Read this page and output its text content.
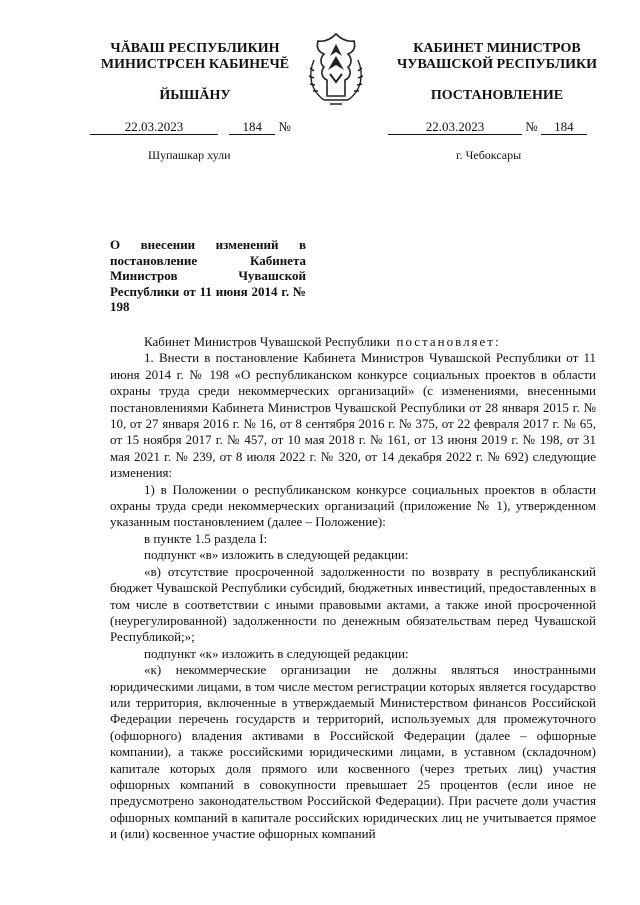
ЧĂВАШ РЕСПУБЛИКИН
МИНИСТРСЕН КАБИНЕЧĔ
ЙЫШĂНУ
КАБИНЕТ МИНИСТРОВ
ЧУВАШСКОЙ РЕСПУБЛИКИ
ПОСТАНОВЛЕНИЕ
22.03.2023	184 №	22.03.2023	№ 184
Шупашкар хули	г. Чебоксары
О внесении изменений в постановление Кабинета Министров Чувашской Республики от 11 июня 2014 г. № 198

Кабинет Министров Чувашской Республики постановляет:

1. Внести в постановление Кабинета Министров Чувашской Республики от 11 июня 2014 г. № 198 «О республиканском конкурсе социальных проектов в области охраны труда среди некоммерческих организаций» (с изменениями, внесенными постановлениями Кабинета Министров Чувашской Республики от 28 января 2015 г. № 10, от 27 января 2016 г. № 16, от 8 сентября 2016 г. № 375, от 22 февраля 2017 г. № 65, от 15 ноября 2017 г. № 457, от 10 мая 2018 г. № 161, от 13 июня 2019 г. № 198, от 31 мая 2021 г. № 239, от 8 июля 2022 г. № 320, от 14 декабря 2022 г. № 692) следующие изменения:

1) в Положении о республиканском конкурсе социальных проектов в области охраны труда среди некоммерческих организаций (приложение № 1), утвержденном указанным постановлением (далее – Положение):

в пункте 1.5 раздела I:

подпункт «в» изложить в следующей редакции:

«в) отсутствие просроченной задолженности по возврату в республиканский бюджет Чувашской Республики субсидий, бюджетных инвестиций, предоставленных в том числе в соответствии с иными правовыми актами, а также иной просроченной (неурегулированной) задолженности по денежным обязательствам перед Чувашской Республикой;»;

подпункт «к» изложить в следующей редакции:

«к) некоммерческие организации не должны являться иностранными юридическими лицами, в том числе местом регистрации которых является государство или территория, включенные в утверждаемый Министерством финансов Российской Федерации перечень государств и территорий, используемых для промежуточного (офшорного) владения активами в Российской Федерации (далее – офшорные компании), а также российскими юридическими лицами, в уставном (складочном) капитале которых доля прямого или косвенного (через третьих лиц) участия офшорных компаний в совокупности превышает 25 процентов (если иное не предусмотрено законодательством Российской Федерации). При расчете доли участия офшорных компаний в капитале российских юридических лиц не учитывается прямое и (или) косвенное участие офшорных компаний
